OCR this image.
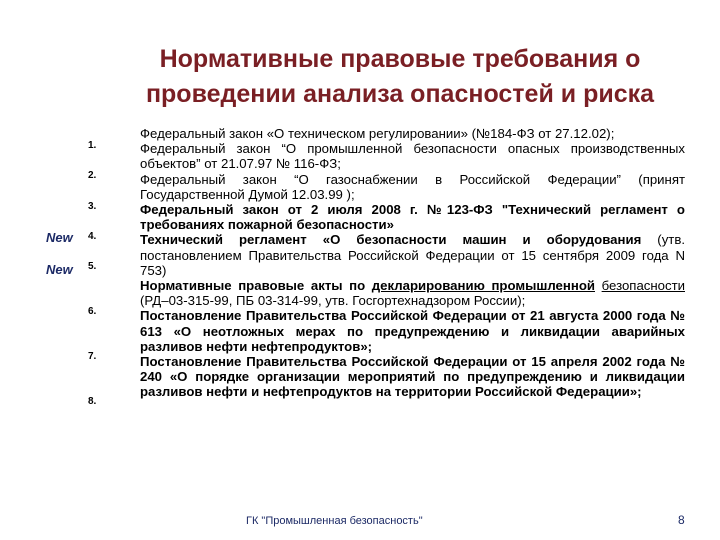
Нормативные правовые требования о
проведении анализа опасностей и риска
1.
2.
3.
4.
5.
6.
7.
8.
New
New

Федеральный закон «О техническом регулировании» (№184-ФЗ от 27.12.02);

Федеральный закон “О промышленной безопасности опасных производственных объектов” от 21.07.97 № 116-ФЗ;

Федеральный закон “О газоснабжении в Российской Федерации” (принят Государственной Думой 12.03.99 );

Федеральный закон от 2 июля 2008 г. №123-ФЗ "Технический регламент о требованиях пожарной безопасности»

Технический регламент «О безопасности машин и оборудования (утв. постановлением Правительства Российской Федерации от 15 сентября 2009 года N 753)

Нормативные правовые акты по декларированию промышленной безопасности (РД–03-315-99, ПБ 03-314-99, утв. Госгортехнадзором России);

Постановление Правительства Российской Федерации от 21 августа 2000 года № 613 «О неотложных мерах по предупреждению и ликвидации аварийных разливов нефти нефтепродуктов»;

Постановление Правительства Российской Федерации от 15 апреля 2002 года № 240 «О порядке организации мероприятий по предупреждению и ликвидации разливов нефти и нефтепродуктов на территории Российской Федерации»;

ГК "Промышленная безопасность"	8
